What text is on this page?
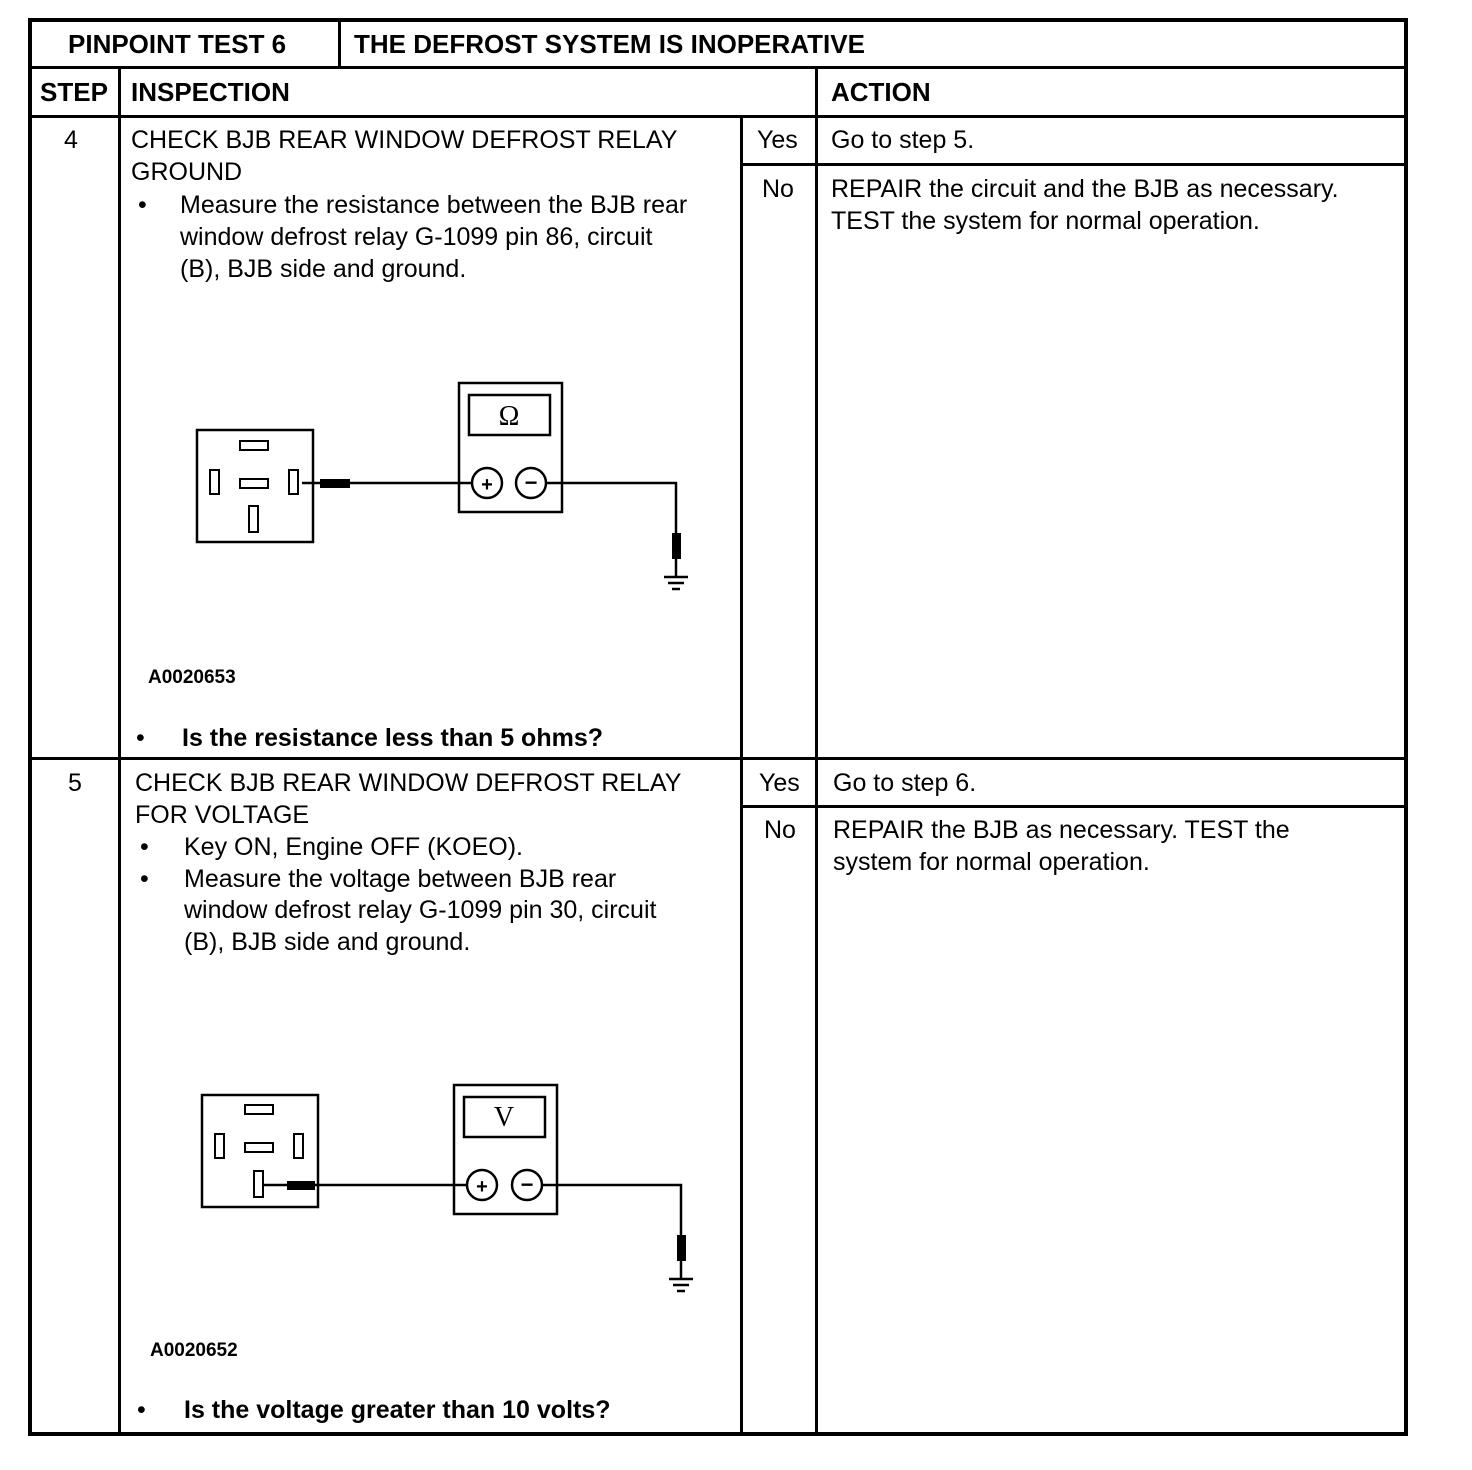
PINPOINT TEST 6	THE DEFROST SYSTEM IS INOPERATIVE
STEP INSPECTION	ACTION
4 CHECK BJB REAR WINDOW DEFROST RELAY
GROUND
• Measure the resistance between the BJB rear
window defrost relay G-1099 pin 86, circuit
(B), BJB side and ground.
Ω
+ −
A0020653
• Is the resistance less than 5 ohms?
Yes Go to step 5.
No REPAIR the circuit and the BJB as necessary.
TEST the system for normal operation.
5 CHECK BJB REAR WINDOW DEFROST RELAY
FOR VOLTAGE
• Key ON, Engine OFF (KOEO).
• Measure the voltage between BJB rear
window defrost relay G-1099 pin 30, circuit
(B), BJB side and ground.
V
+ −
A0020652
• Is the voltage greater than 10 volts?
Yes Go to step 6.
No REPAIR the BJB as necessary. TEST the
system for normal operation.
